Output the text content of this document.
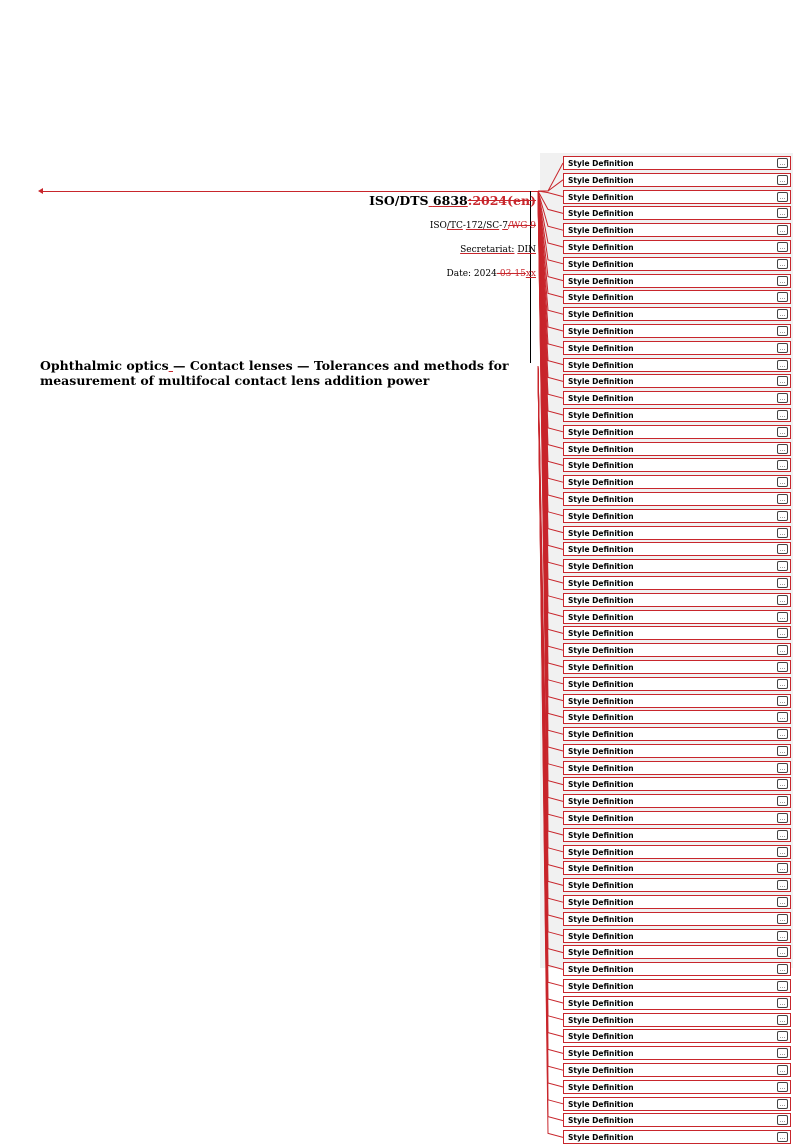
ISO/DTS 6838:2024(en)
ISO/TC-172/SC-7/WG 9
Secretariat: DIN
Date: 2024-03-15xx
Ophthalmic optics — Contact lenses — Tolerances and methods for
measurement of multifocal contact lens addition power
Style Definition	...
Style Definition	...
Style Definition	...
Style Definition	...
Style Definition	...
Style Definition	...
Style Definition	...
Style Definition	...
Style Definition	...
Style Definition	...
Style Definition	...
Style Definition	...
Style Definition	...
Style Definition	...
Style Definition	...
Style Definition	...
Style Definition	...
Style Definition	...
Style Definition	...
Style Definition	...
Style Definition	...
Style Definition	...
Style Definition	...
Style Definition	...
Style Definition	...
Style Definition	...
Style Definition	...
Style Definition	...
Style Definition	...
Style Definition	...
Style Definition	...
Style Definition	...
Style Definition	...
Style Definition	...
Style Definition	...
Style Definition	...
Style Definition	...
Style Definition	...
Style Definition	...
Style Definition	...
Style Definition	...
Style Definition	...
Style Definition	...
Style Definition	...
Style Definition	...
Style Definition	...
Style Definition	...
Style Definition	...
Style Definition	...
Style Definition	...
Style Definition	...
Style Definition	...
Style Definition	...
Style Definition	...
Style Definition	...
Style Definition	...
Style Definition	...
Style Definition	...
Style Definition	...
